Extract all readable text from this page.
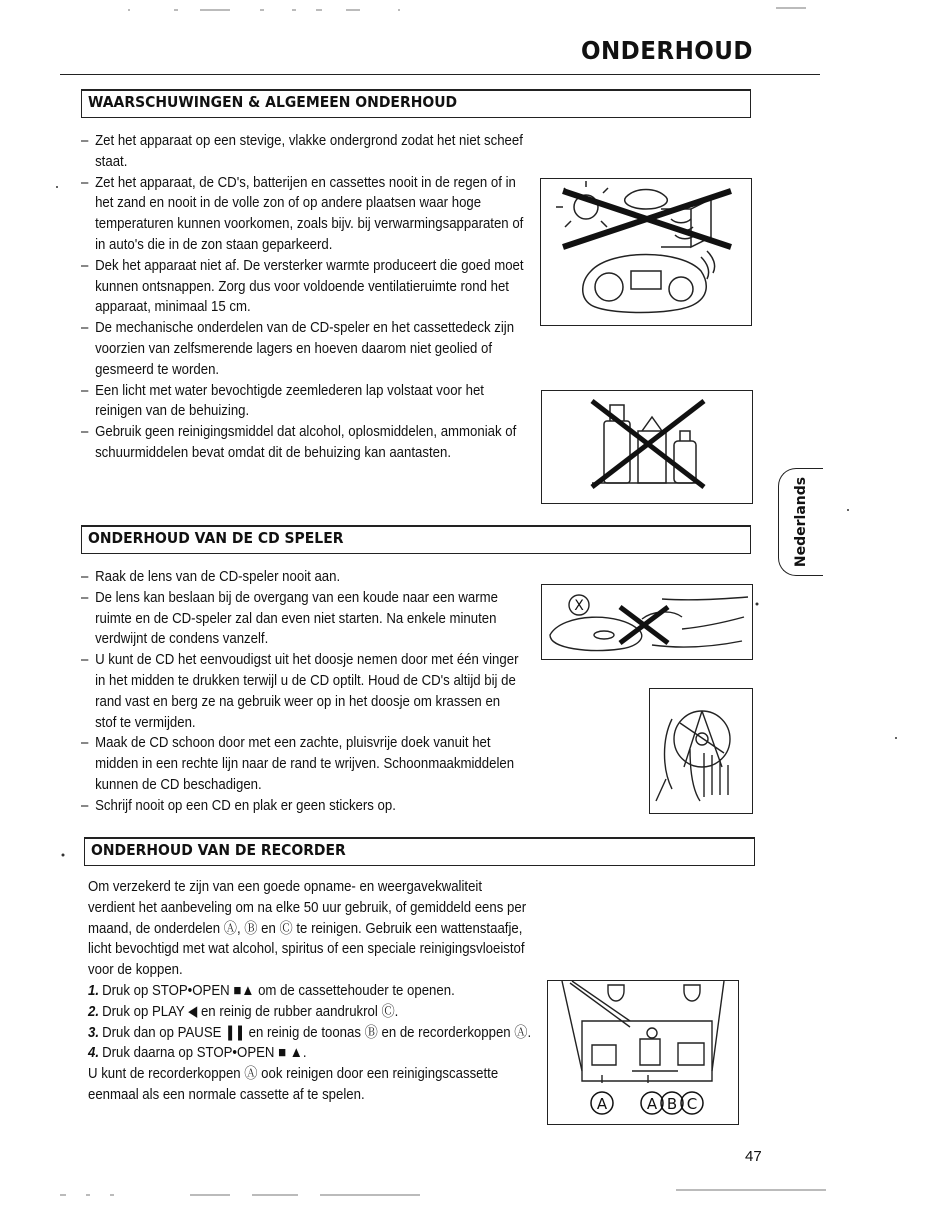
ONDERHOUD
WAARSCHUWINGEN & ALGEMEEN ONDERHOUD
– Zet het apparaat op een stevige, vlakke ondergrond zodat het niet scheef staat.
– Zet het apparaat, de CD's, batterijen en cassettes nooit in de regen of in het zand en nooit in de volle zon of op andere plaatsen waar hoge temperaturen kunnen voorkomen, zoals bijv. bij verwarmingsapparaten of in auto's die in de zon staan geparkeerd.
– Dek het apparaat niet af. De versterker warmte produceert die goed moet kunnen ontsnappen. Zorg dus voor voldoende ventilatieruimte rond het apparaat, minimaal 15 cm.
– De mechanische onderdelen van de CD-speler en het cassettedeck zijn voorzien van zelfsmerende lagers en hoeven daarom niet geolied of gesmeerd te worden.
– Een licht met water bevochtigde zeemlederen lap volstaat voor het reinigen van de behuizing.
– Gebruik geen reinigingsmiddel dat alcohol, oplosmiddelen, ammoniak of schuurmiddelen bevat omdat dit de behuizing kan aantasten.
Nederlands
ONDERHOUD VAN DE CD SPELER
– Raak de lens van de CD-speler nooit aan.
– De lens kan beslaan bij de overgang van een koude naar een warme ruimte en de CD-speler zal dan even niet starten. Na enkele minuten verdwijnt de condens vanzelf.
– U kunt de CD het eenvoudigst uit het doosje nemen door met één vinger in het midden te drukken terwijl u de CD optilt. Houd de CD's altijd bij de rand vast en berg ze na gebruik weer op in het doosje om krassen en stof te vermijden.
– Maak de CD schoon door met een zachte, pluisvrije doek vanuit het midden in een rechte lijn naar de rand te wrijven. Schoonmaakmiddelen kunnen de CD beschadigen.
– Schrijf nooit op een CD en plak er geen stickers op.
X
ONDERHOUD VAN DE RECORDER
Om verzekerd te zijn van een goede opname- en weergavekwaliteit verdient het aanbeveling om na elke 50 uur gebruik, of gemiddeld eens per maand, de onderdelen Ⓐ, Ⓑ en Ⓒ te reinigen. Gebruik een wattenstaafje, licht bevochtigd met wat alcohol, spiritus of een speciale reinigingsvloeistof voor de koppen.
1. Druk op STOP•OPEN ■▲ om de cassettehouder te openen.
2. Druk op PLAY ◀ en reinig de rubber aandrukrol Ⓒ.
3. Druk dan op PAUSE ❚❚ en reinig de toonas Ⓑ en de recorderkoppen Ⓐ.
4. Druk daarna op STOP•OPEN ■ ▲.
U kunt de recorderkoppen Ⓐ ook reinigen door een reinigingscassette eenmaal als een normale cassette af te spelen.
A	A B C
47
